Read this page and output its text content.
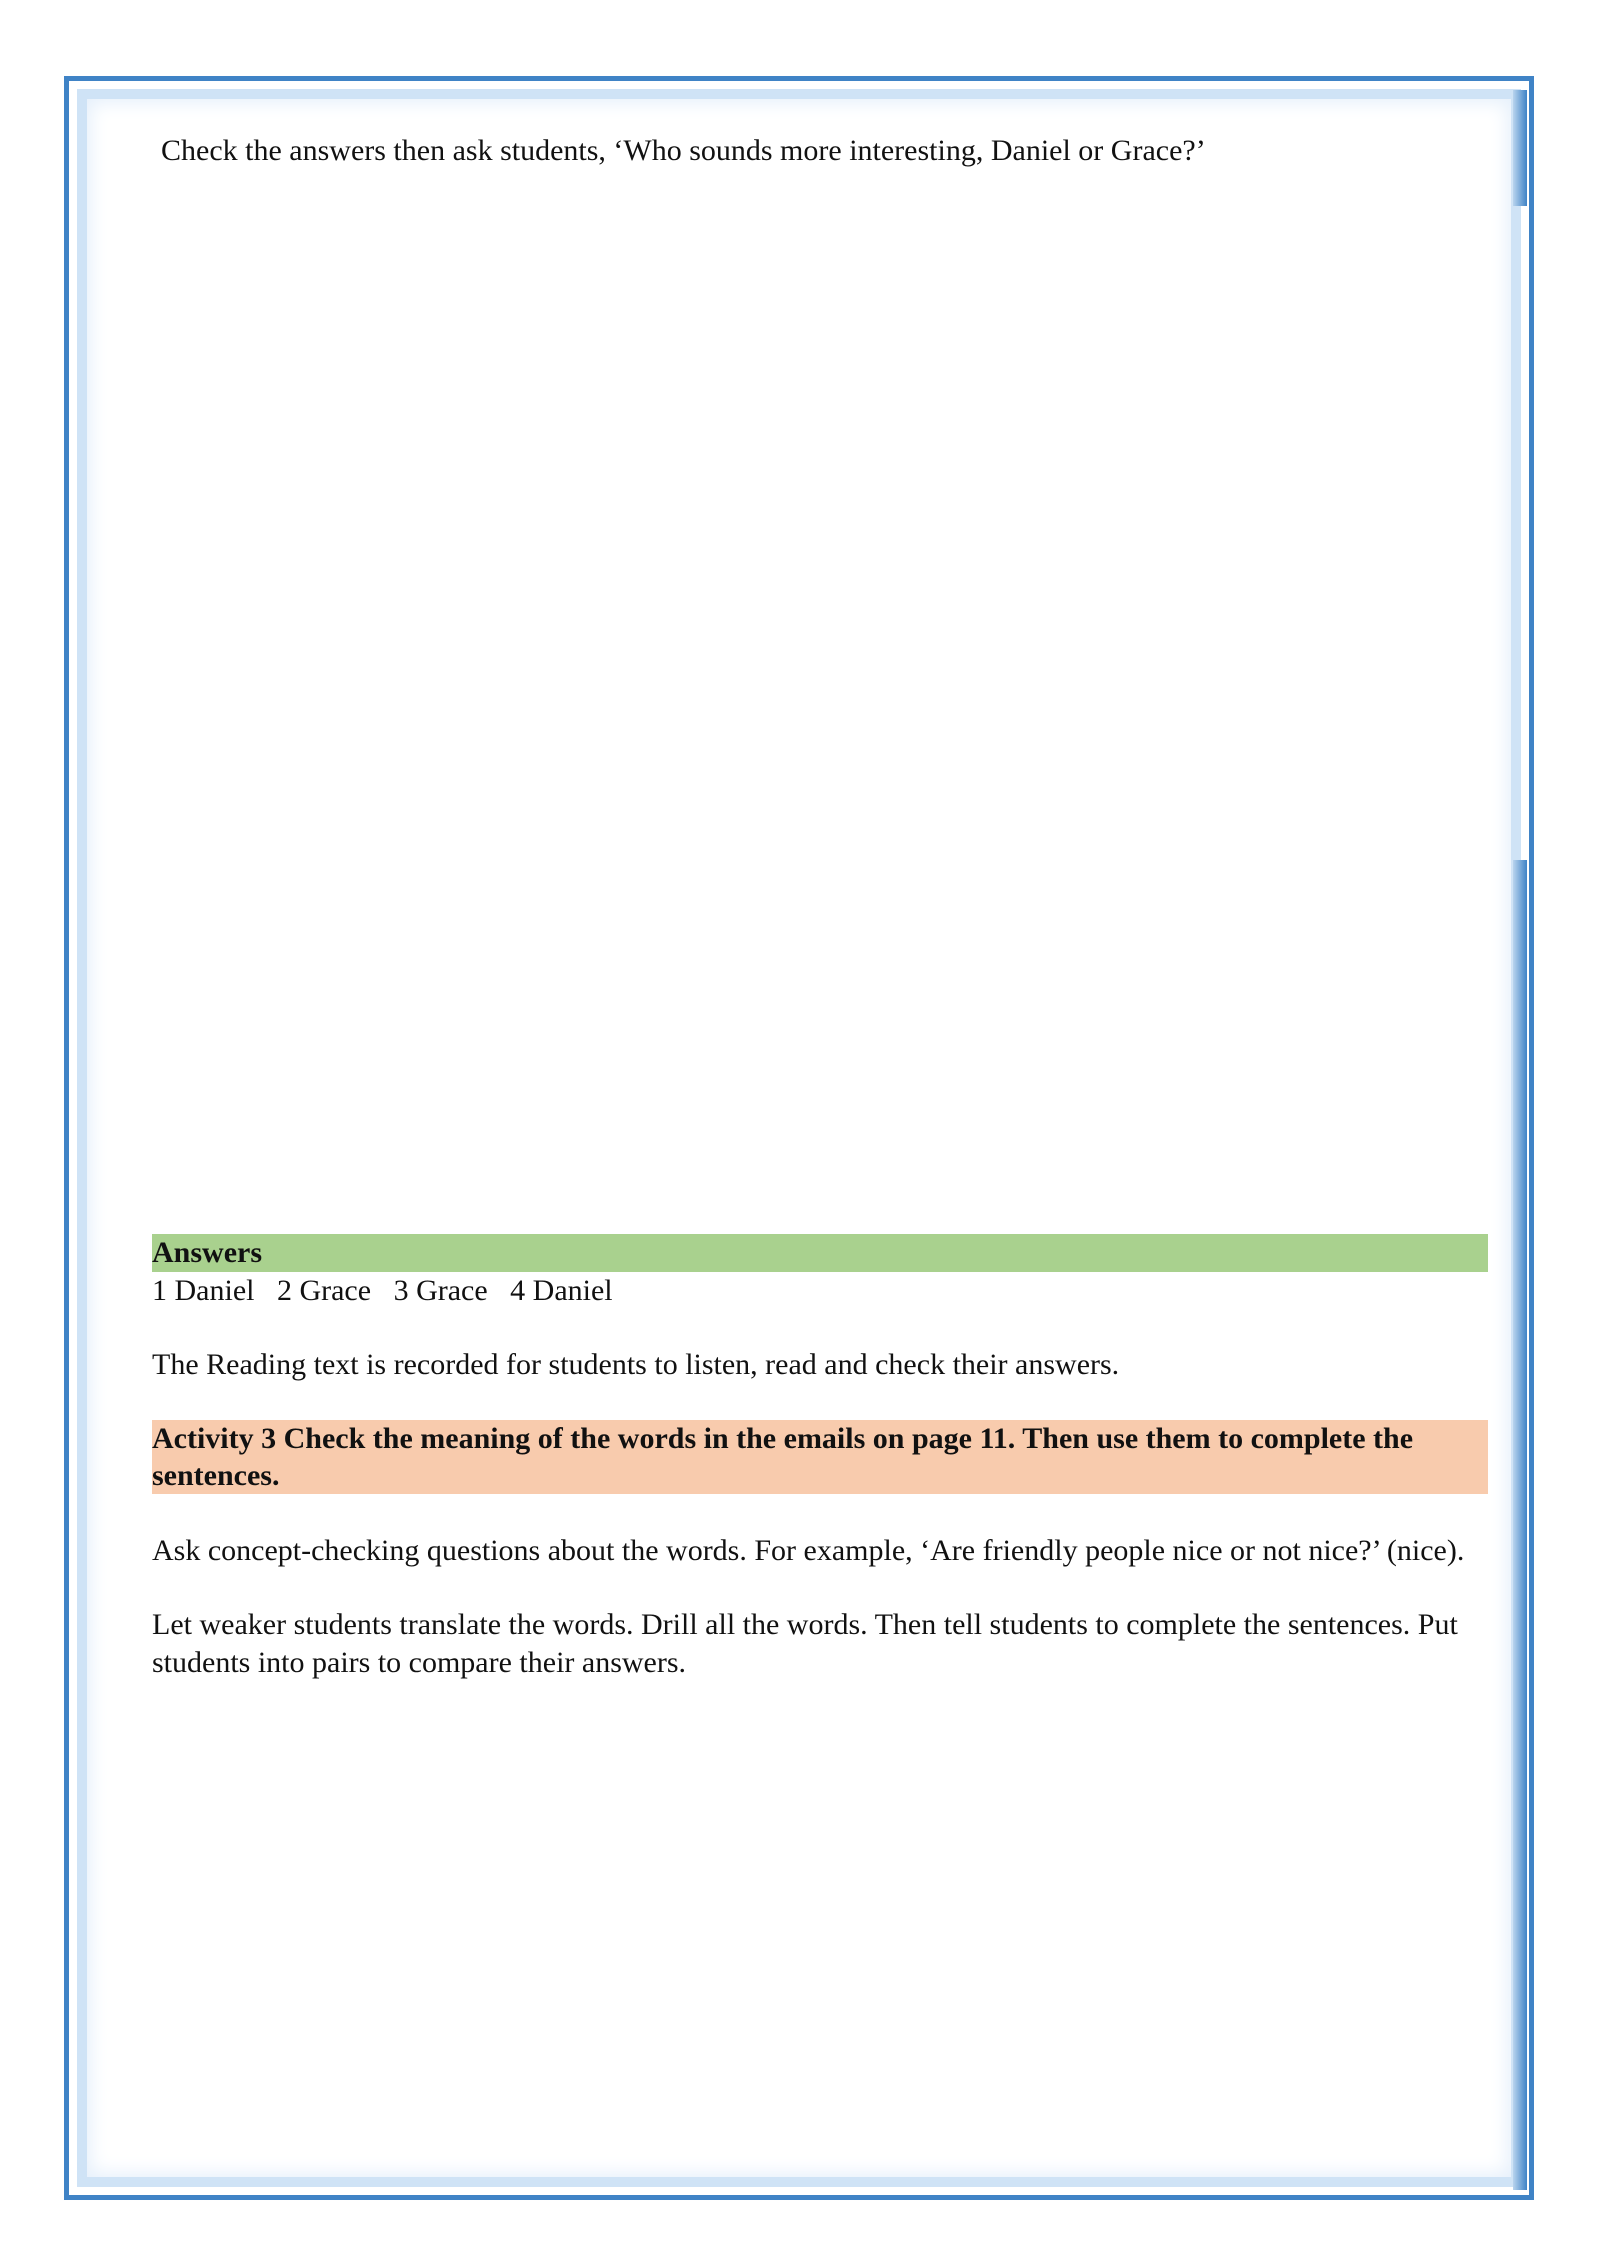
Check the answers then ask students, ‘Who sounds more interesting, Daniel or Grace?’
Answers
1 Daniel   2 Grace   3 Grace   4 Daniel
The Reading text is recorded for students to listen, read and check their answers.
Activity 3 Check the meaning of the words in the emails on page 11. Then use them to complete the sentences.
Ask concept-checking questions about the words. For example, ‘Are friendly people nice or not nice?’ (nice).
Let weaker students translate the words. Drill all the words. Then tell students to complete the sentences. Put students into pairs to compare their answers.
